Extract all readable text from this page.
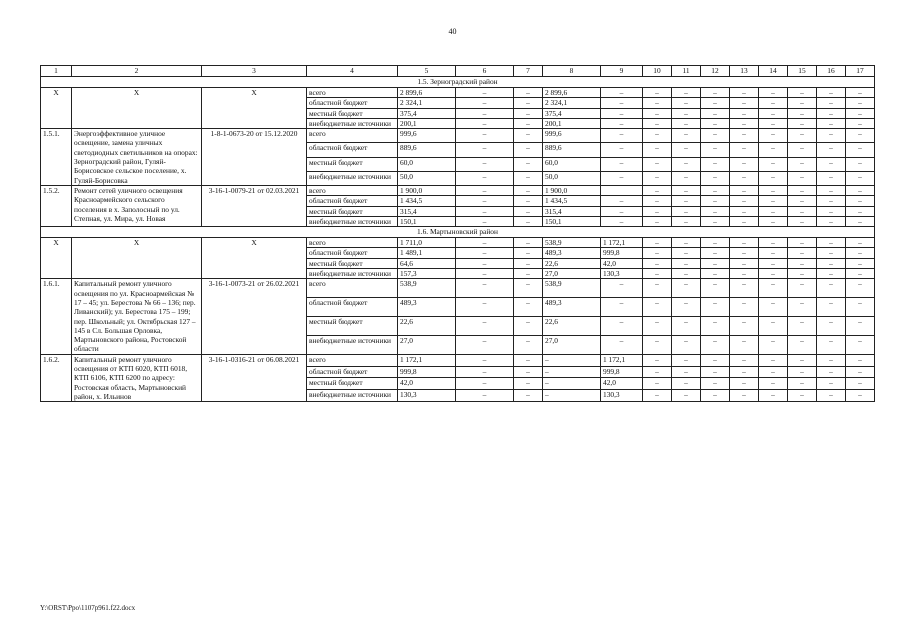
40
1	2	3	4	5	6	7	8	9	10	11	12	13	14	15	16	17
1.5. Зерноградский район																
X	X	X	всего	2 899,6	–	–	2 899,6	–	–	–	–	–	–	–	–	–
			областной бюджет	2 324,1	–	–	2 324,1	–	–	–	–	–	–	–	–	–
			местный бюджет	375,4	–	–	375,4	–	–	–	–	–	–	–	–	–
			внебюджетные источники	200,1	–	–	200,1	–	–	–	–	–	–	–	–	–
1.5.1.	Энергоэффективное уличное освещение, замена уличных светодиодных светильников на опорах: Зерноградский район, Гуляй-Борисовское сельское поселение, х. Гуляй-Борисовка	1-8-1-0673-20 от 15.12.2020	всего	999,6	–	–	999,6	–	–	–	–	–	–	–	–	–
			областной бюджет	889,6	–	–	889,6	–	–	–	–	–	–	–	–	–
			местный бюджет	60,0	–	–	60,0	–	–	–	–	–	–	–	–	–
			внебюджетные источники	50,0	–	–	50,0	–	–	–	–	–	–	–	–	–
1.5.2.	Ремонт сетей уличного освещения Красноармейского сельского поселения в х. Заполосный по ул. Степная, ул. Мира, ул. Новая	3-16-1-0079-21 от 02.03.2021	всего	1 900,0	–	–	1 900,0		–	–	–	–	–	–	–	–
			областной бюджет	1 434,5	–	–	1 434,5	–	–	–	–	–	–	–	–	–
			местный бюджет	315,4	–	–	315,4	–	–	–	–	–	–	–	–	–
			внебюджетные источники	150,1	–	–	150,1	–	–	–	–	–	–	–	–	–
1.6. Мартыновский район																
X	X	X	всего	1 711,0	–	–	538,9	1 172,1	–	–	–	–	–	–	–	–
			областной бюджет	1 489,1	–	–	489,3	999,8	–	–	–	–	–	–	–	–
			местный бюджет	64,6	–	–	22,6	42,0	–	–	–	–	–	–	–	–
			внебюджетные источники	157,3	–	–	27,0	130,3	–	–	–	–	–	–	–	–
1.6.1.	Капитальный ремонт уличного освещения по ул. Красноармейская № 17 – 45; ул. Берестова № 66 – 136; пер. Ливанский); ул. Берестова 175 – 199; пер. Школьный; ул. Октябрьская 127 – 145 в Сл. Большая Орловка, Мартыновского района, Ростовской области	3-16-1-0073-21 от 26.02.2021	всего	538,9	–	–	538,9	–	–	–	–	–	–	–	–	–
			областной бюджет	489,3	–	–	489,3	–	–	–	–	–	–	–	–	–
			местный бюджет	22,6	–	–	22,6	–	–	–	–	–	–	–	–	–
			внебюджетные источники	27,0	–	–	27,0	–	–	–	–	–	–	–	–	–
1.6.2.	Капитальный ремонт уличного освещения от КТП 6020, КТП 6018, КТП 6106, КТП 6200 по адресу: Ростовская область, Мартыновский район, х. Ильинов	3-16-1-0316-21 от 06.08.2021	всего	1 172,1	–	–	–	1 172,1	–	–	–	–	–	–	–	–
			областной бюджет	999,8	–	–	–	999,8	–	–	–	–	–	–	–	–
			местный бюджет	42,0	–	–	–	42,0	–	–	–	–	–	–	–	–
			внебюджетные источники	130,3	–	–	–	130,3	–	–	–	–	–	–	–	–
Y:\ORST\Ppo\1107p961.f22.docx
